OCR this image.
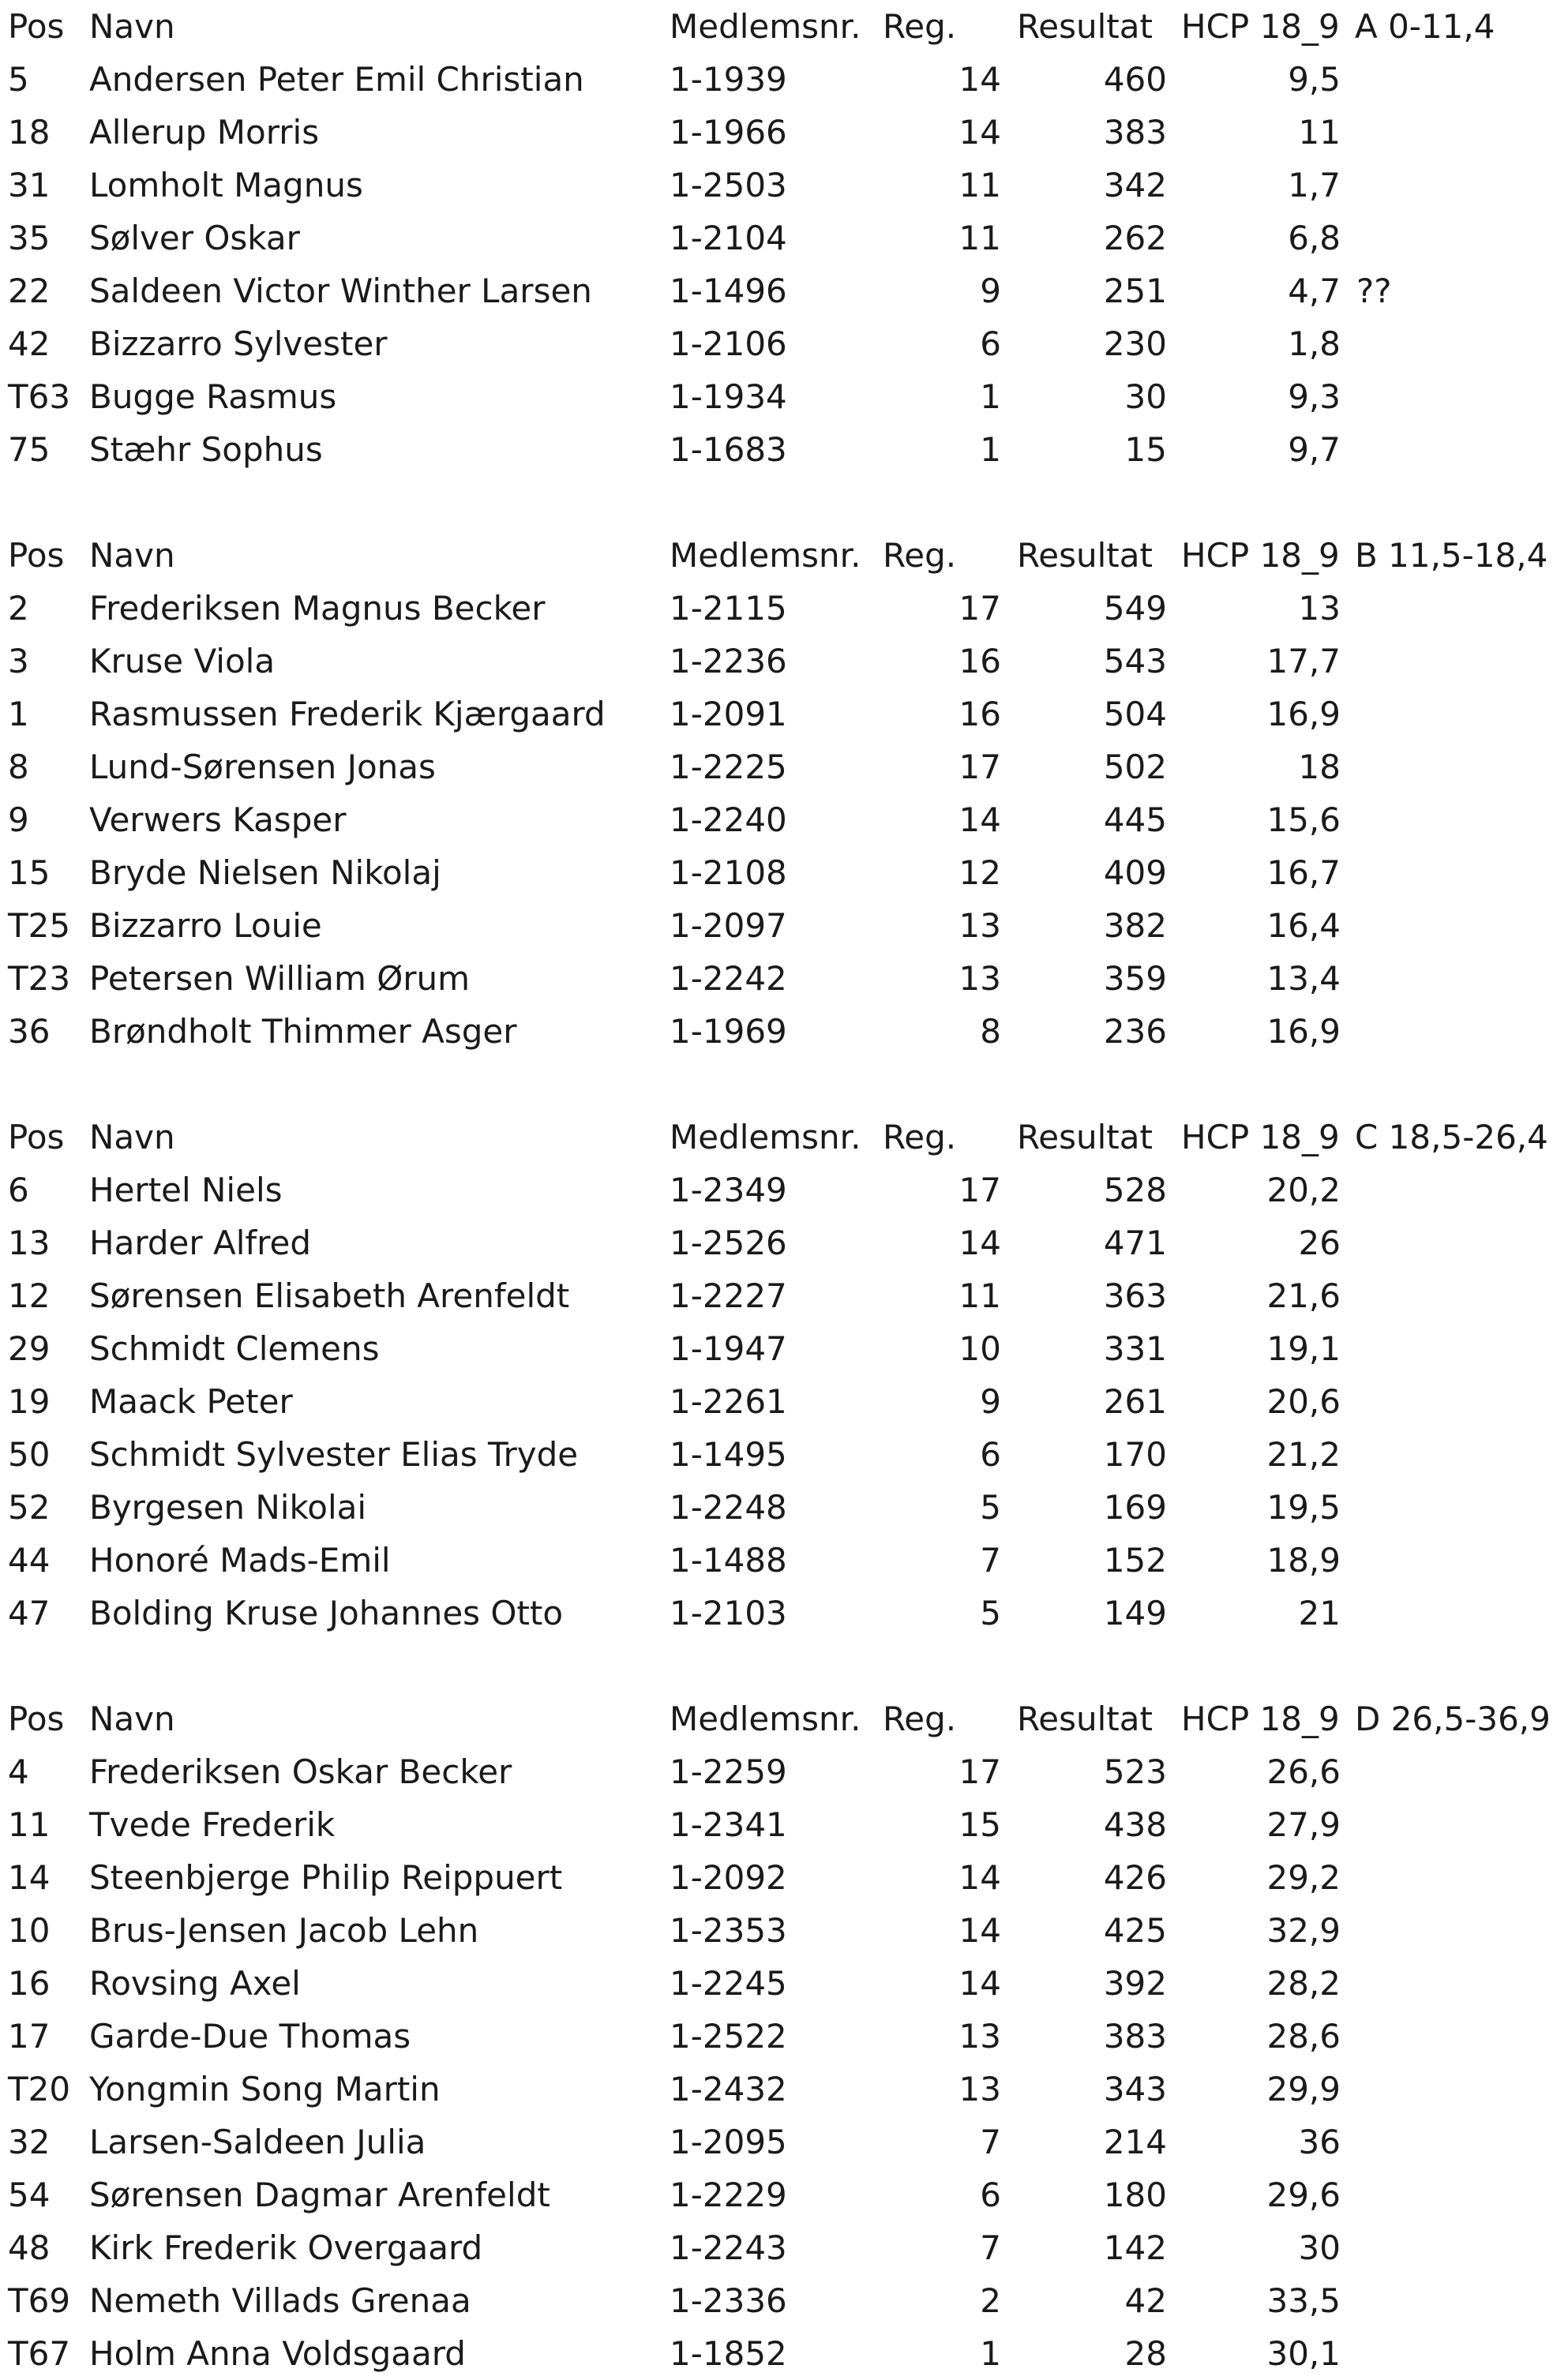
Pos Navn	Medlemsnr. Reg. Resultat HCP 18_9 A 0-11,4
5 Andersen Peter Emil Christian	1-1939	14	460	9,5
18 Allerup Morris	1-1966	14	383	11
31 Lomholt Magnus	1-2503	11	342	1,7
35 Sølver Oskar	1-2104	11	262	6,8
22 Saldeen Victor Winther Larsen 1-1496	9	251	4,7 ??
42 Bizzarro Sylvester	1-2106	6	230	1,8
T63 Bugge Rasmus	1-1934	1	30	9,3
75 Stæhr Sophus	1-1683	1	15	9,7
Pos Navn	Medlemsnr. Reg. Resultat HCP 18_9 B 11,5-18,4
2 Frederiksen Magnus Becker	1-2115	17	549	13
3 Kruse Viola	1-2236	16	543	17,7
1 Rasmussen Frederik Kjærgaard 1-2091	16	504	16,9
8 Lund-Sørensen Jonas	1-2225	17	502	18
9 Verwers Kasper	1-2240	14	445	15,6
15 Bryde Nielsen Nikolaj	1-2108	12	409	16,7
T25 Bizzarro Louie	1-2097	13	382	16,4
T23 Petersen William Ørum	1-2242	13	359	13,4
36 Brøndholt Thimmer Asger	1-1969	8	236	16,9
Pos Navn	Medlemsnr. Reg. Resultat HCP 18_9 C 18,5-26,4
6 Hertel Niels	1-2349	17	528	20,2
13 Harder Alfred	1-2526	14	471	26
12 Sørensen Elisabeth Arenfeldt	1-2227	11	363	21,6
29 Schmidt Clemens	1-1947	10	331	19,1
19 Maack Peter	1-2261	9	261	20,6
50 Schmidt Sylvester Elias Tryde	1-1495	6	170	21,2
52 Byrgesen Nikolai	1-2248	5	169	19,5
44 Honoré Mads-Emil	1-1488	7	152	18,9
47 Bolding Kruse Johannes Otto	1-2103	5	149	21
Pos Navn	Medlemsnr. Reg. Resultat HCP 18_9 D 26,5-36,9
4 Frederiksen Oskar Becker	1-2259	17	523	26,6
11 Tvede Frederik	1-2341	15	438	27,9
14 Steenbjerge Philip Reippuert	1-2092	14	426	29,2
10 Brus-Jensen Jacob Lehn	1-2353	14	425	32,9
16 Rovsing Axel	1-2245	14	392	28,2
17 Garde-Due Thomas	1-2522	13	383	28,6
T20 Yongmin Song Martin	1-2432	13	343	29,9
32 Larsen-Saldeen Julia	1-2095	7	214	36
54 Sørensen Dagmar Arenfeldt	1-2229	6	180	29,6
48 Kirk Frederik Overgaard	1-2243	7	142	30
T69 Nemeth Villads Grenaa	1-2336	2	42	33,5
T67 Holm Anna Voldsgaard	1-1852	1	28	30,1
